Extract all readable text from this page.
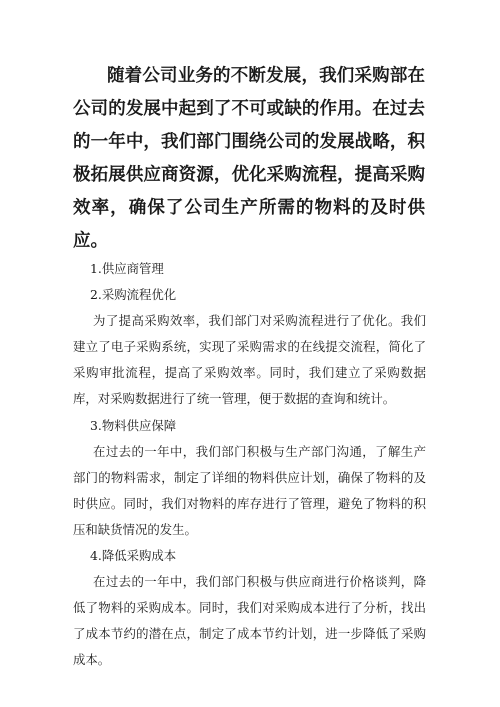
随着公司业务的不断发展，我们采购部在公司的发展中起到了不可或缺的作用。在过去的一年中，我们部门围绕公司的发展战略，积极拓展供应商资源，优化采购流程，提高采购效率，确保了公司生产所需的物料的及时供应。

1.供应商管理

2.采购流程优化

为了提高采购效率，我们部门对采购流程进行了优化。我们建立了电子采购系统，实现了采购需求的在线提交流程，简化了采购审批流程，提高了采购效率。同时，我们建立了采购数据库，对采购数据进行了统一管理，便于数据的查询和统计。

3.物料供应保障

在过去的一年中，我们部门积极与生产部门沟通，了解生产部门的物料需求，制定了详细的物料供应计划，确保了物料的及时供应。同时，我们对物料的库存进行了管理，避免了物料的积压和缺货情况的发生。

4.降低采购成本

在过去的一年中，我们部门积极与供应商进行价格谈判，降低了物料的采购成本。同时，我们对采购成本进行了分析，找出了成本节约的潜在点，制定了成本节约计划，进一步降低了采购成本。
